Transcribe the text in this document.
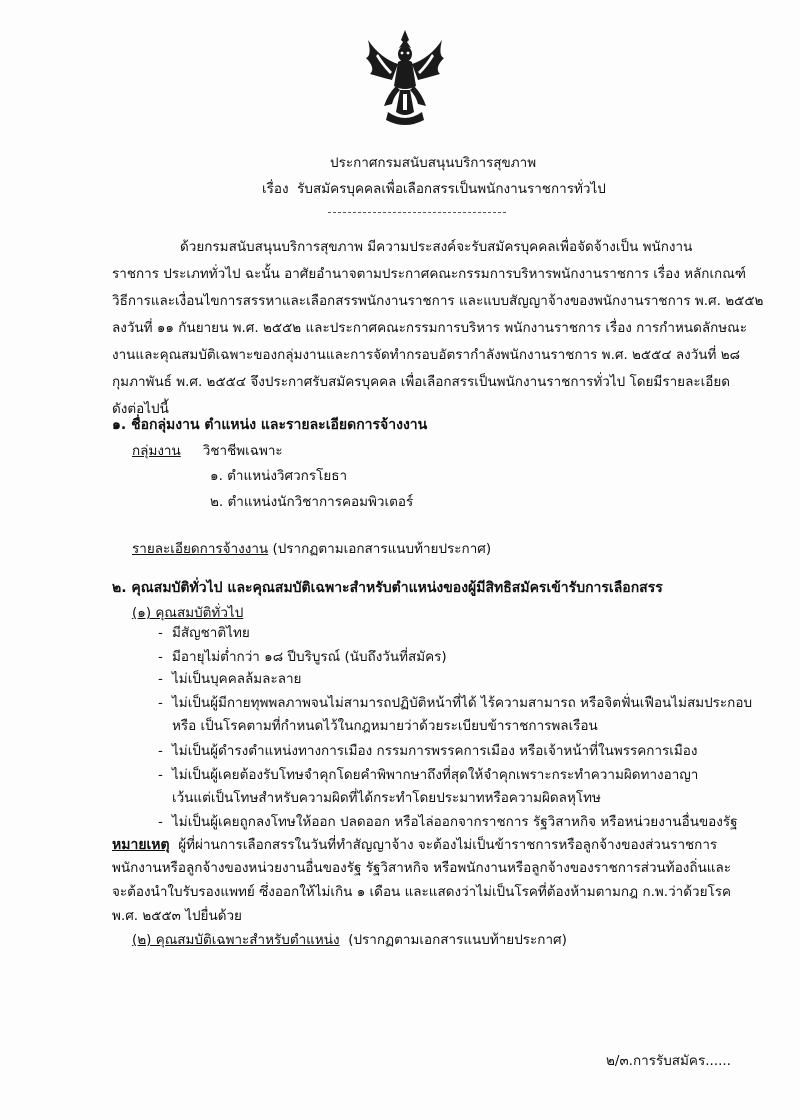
ประกาศกรมสนับสนุนบริการสุขภาพ
เรื่อง รับสมัครบุคคลเพื่อเลือกสรรเป็นพนักงานราชการทั่วไป
ด้วยกรมสนับสนุนบริการสุขภาพ มีความประสงค์จะรับสมัครบุคคลเพื่อจัดจ้างเป็น พนักงาน
ราชการ ประเภททั่วไป ฉะนั้น อาศัยอำนาจตามประกาศคณะกรรมการบริหารพนักงานราชการ เรื่อง หลักเกณฑ์
วิธีการและเงื่อนไขการสรรหาและเลือกสรรพนักงานราชการ และแบบสัญญาจ้างของพนักงานราชการ พ.ศ. ๒๕๕๒
ลงวันที่ ๑๑ กันยายน พ.ศ. ๒๕๕๒ และประกาศคณะกรรมการบริหาร พนักงานราชการ เรื่อง การกำหนดลักษณะ
งานและคุณสมบัติเฉพาะของกลุ่มงานและการจัดทำกรอบอัตรากำลังพนักงานราชการ พ.ศ. ๒๕๕๔ ลงวันที่ ๒๘
กุมภาพันธ์ พ.ศ. ๒๕๕๔ จึงประกาศรับสมัครบุคคล เพื่อเลือกสรรเป็นพนักงานราชการทั่วไป โดยมีรายละเอียด
ดังต่อไปนี้
๑. ชื่อกลุ่มงาน ตำแหน่ง และรายละเอียดการจ้างงาน
กลุ่มงาน วิชาชีพเฉพาะ
๑. ตำแหน่งวิศวกรโยธา
๒. ตำแหน่งนักวิชาการคอมพิวเตอร์
รายละเอียดการจ้างงาน (ปรากฏตามเอกสารแนบท้ายประกาศ)
๒. คุณสมบัติทั่วไป และคุณสมบัติเฉพาะสำหรับตำแหน่งของผู้มีสิทธิสมัครเข้ารับการเลือกสรร
(๑) คุณสมบัติทั่วไป
- มีสัญชาติไทย
- มีอายุไม่ต่ำกว่า ๑๘ ปีบริบูรณ์ (นับถึงวันที่สมัคร)
- ไม่เป็นบุคคลล้มละลาย
- ไม่เป็นผู้มีกายทุพพลภาพจนไม่สามารถปฏิบัติหน้าที่ได้ ไร้ความสามารถ หรือจิตฟั่นเฟือนไม่สมประกอบ
หรือ เป็นโรคตามที่กำหนดไว้ในกฎหมายว่าด้วยระเบียบข้าราชการพลเรือน
- ไม่เป็นผู้ดำรงตำแหน่งทางการเมือง กรรมการพรรคการเมือง หรือเจ้าหน้าที่ในพรรคการเมือง
- ไม่เป็นผู้เคยต้องรับโทษจำคุกโดยคำพิพากษาถึงที่สุดให้จำคุกเพราะกระทำความผิดทางอาญา
เว้นแต่เป็นโทษสำหรับความผิดที่ได้กระทำโดยประมาทหรือความผิดลหุโทษ
- ไม่เป็นผู้เคยถูกลงโทษให้ออก ปลดออก หรือไล่ออกจากราชการ รัฐวิสาหกิจ หรือหน่วยงานอื่นของรัฐ
หมายเหตุ ผู้ที่ผ่านการเลือกสรรในวันที่ทำสัญญาจ้าง จะต้องไม่เป็นข้าราชการหรือลูกจ้างของส่วนราชการ
พนักงานหรือลูกจ้างของหน่วยงานอื่นของรัฐ รัฐวิสาหกิจ หรือพนักงานหรือลูกจ้างของราชการส่วนท้องถิ่นและ
จะต้องนำใบรับรองแพทย์ ซึ่งออกให้ไม่เกิน ๑ เดือน และแสดงว่าไม่เป็นโรคที่ต้องห้ามตามกฎ ก.พ.ว่าด้วยโรค
พ.ศ. ๒๕๕๓ ไปยื่นด้วย
(๒) คุณสมบัติเฉพาะสำหรับตำแหน่ง (ปรากฏตามเอกสารแนบท้ายประกาศ)
๒/๓.การรับสมัคร......
